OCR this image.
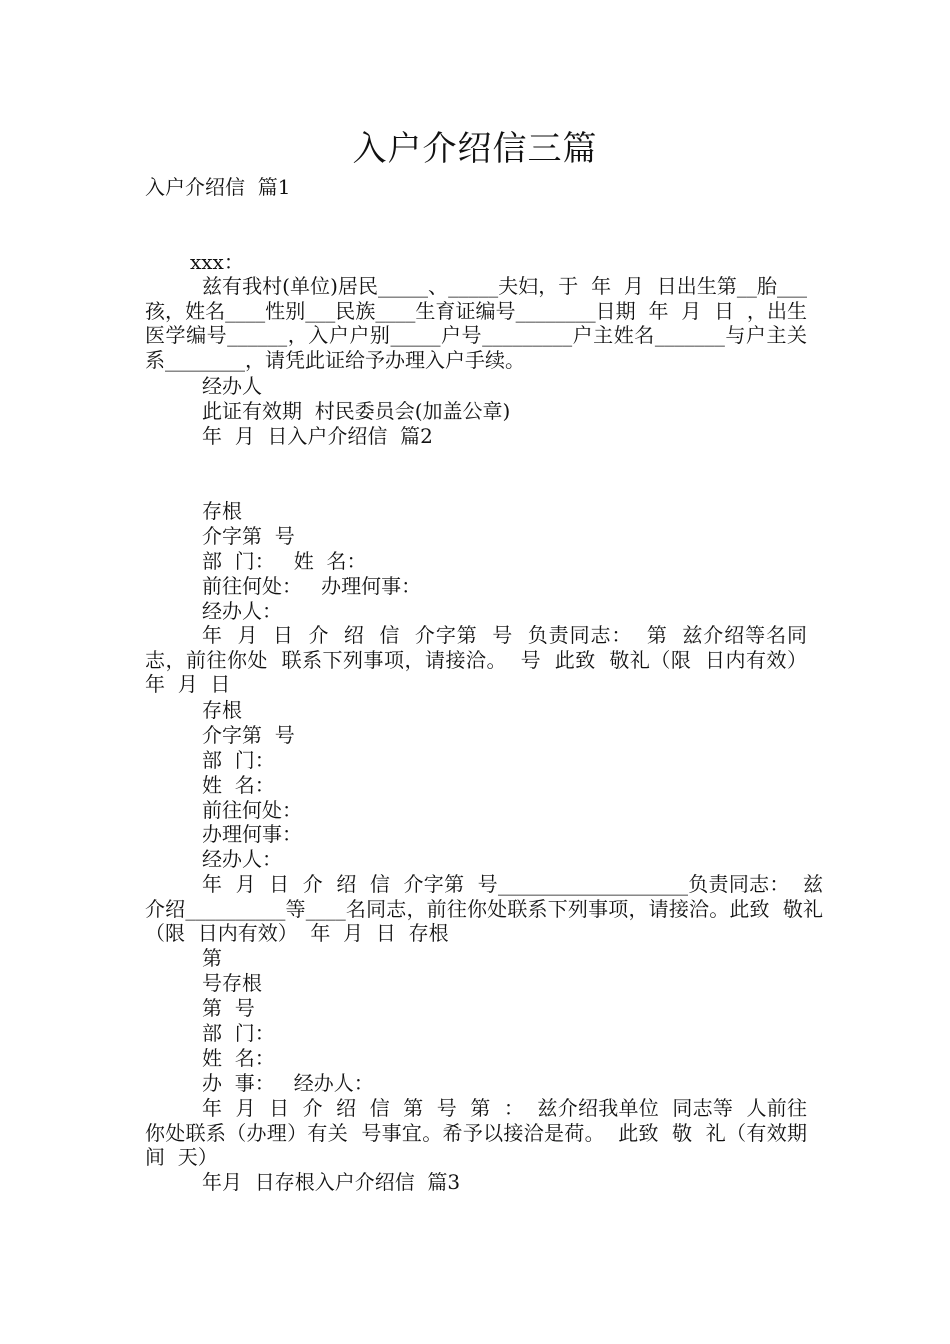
入户介绍信三篇
入户介绍信  篇1
xxx：
兹有我村(单位)居民_____、_____夫妇，于  年  月  日出生第__胎___孩，姓名____性别___民族____生育证编号________日期  年  月  日  ，出生医学编号______，入户户别_____户号_________户主姓名_______与户主关系________，请凭此证给予办理入户手续。
经办人
此证有效期  村民委员会(加盖公章)
年  月  日入户介绍信  篇2
存根
介字第  号
部  门：   姓  名：
前往何处：   办理何事：
经办人：
年  月  日  介  绍  信  介字第  号  负责同志：  第  兹介绍等名同志，前往你处  联系下列事项，请接洽。  号  此致  敬礼（限  日内有效）  年  月  日
存根
介字第  号
部  门：
姓  名：
前往何处：
办理何事：
经办人：
年  月  日  介  绍  信  介字第  号___________________负责同志：  兹介绍__________等____名同志，前往你处联系下列事项，请接洽。此致  敬礼  （限  日内有效）  年  月  日  存根
第
号存根
第  号
部  门：
姓  名：
办  事：   经办人：
年  月  日  介  绍  信  第  号  第  ：  兹介绍我单位  同志等  人前往  你处联系（办理）有关  号事宜。希予以接洽是荷。  此致  敬  礼（有效期间  天）
年月  日存根入户介绍信  篇3
